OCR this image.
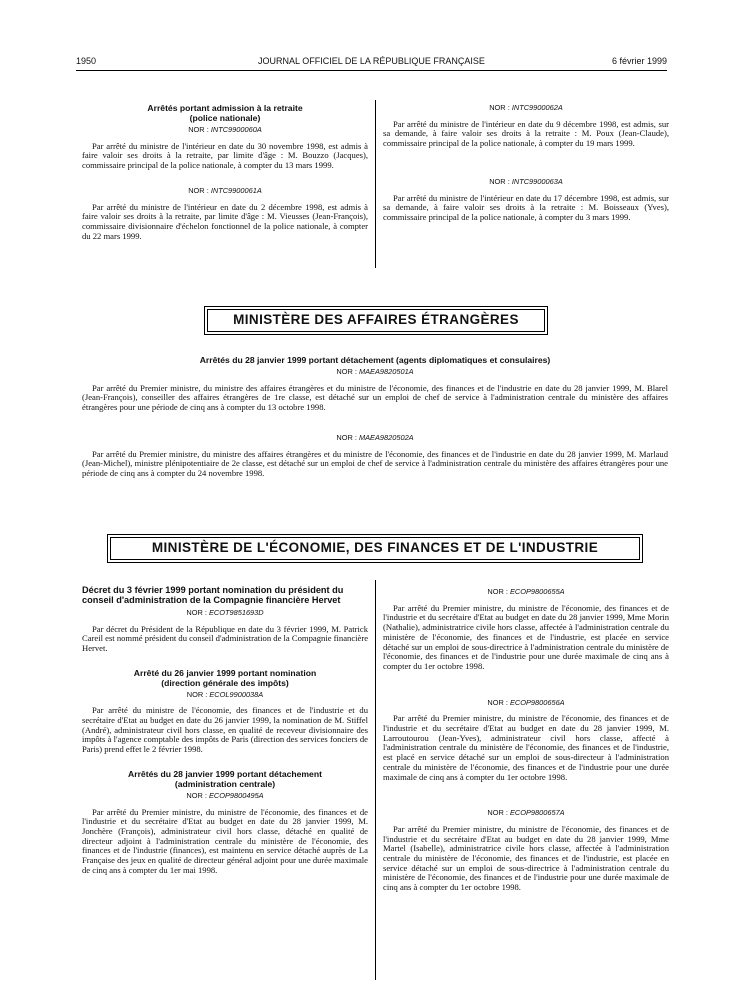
1950	JOURNAL OFFICIEL DE LA RÉPUBLIQUE FRANÇAISE	6 février 1999
Arrêtés portant admission à la retraite
(police nationale)
NOR : INTC9900060A

Par arrêté du ministre de l'intérieur en date du 30 novembre 1998, est admis à faire valoir ses droits à la retraite, par limite d'âge : M. Bouzzo (Jacques), commissaire principal de la police nationale, à compter du 13 mars 1999.

NOR : INTC9900061A

Par arrêté du ministre de l'intérieur en date du 2 décembre 1998, est admis à faire valoir ses droits à la retraite, par limite d'âge : M. Vieusses (Jean-François), commissaire divisionnaire d'échelon fonctionnel de la police nationale, à compter du 22 mars 1999.

NOR : INTC9900062A

Par arrêté du ministre de l'intérieur en date du 9 décembre 1998, est admis, sur sa demande, à faire valoir ses droits à la retraite : M. Poux (Jean-Claude), commissaire principal de la police nationale, à compter du 19 mars 1999.

NOR : INTC9900063A

Par arrêté du ministre de l'intérieur en date du 17 décembre 1998, est admis, sur sa demande, à faire valoir ses droits à la retraite : M. Boisseaux (Yves), commissaire principal de la police nationale, à compter du 3 mars 1999.

MINISTÈRE DES AFFAIRES ÉTRANGÈRES
Arrêtés du 28 janvier 1999 portant détachement (agents diplomatiques et consulaires)
NOR : MAEA9820501A

Par arrêté du Premier ministre, du ministre des affaires étrangères et du ministre de l'économie, des finances et de l'industrie en date du 28 janvier 1999, M. Blarel (Jean-François), conseiller des affaires étrangères de 1re classe, est détaché sur un emploi de chef de service à l'administration centrale du ministère des affaires étrangères pour une période de cinq ans à compter du 13 octobre 1998.

NOR : MAEA9820502A

Par arrêté du Premier ministre, du ministre des affaires étrangères et du ministre de l'économie, des finances et de l'industrie en date du 28 janvier 1999, M. Marlaud (Jean-Michel), ministre plénipotentiaire de 2e classe, est détaché sur un emploi de chef de service à l'administration centrale du ministère des affaires étrangères pour une période de cinq ans à compter du 24 novembre 1998.

MINISTÈRE DE L'ÉCONOMIE, DES FINANCES ET DE L'INDUSTRIE
Décret du 3 février 1999 portant nomination du président du conseil d'administration de la Compagnie financière Hervet
NOR : ECOT9851693D

Par décret du Président de la République en date du 3 février 1999, M. Patrick Careil est nommé président du conseil d'administration de la Compagnie financière Hervet.

Arrêté du 26 janvier 1999 portant nomination
(direction générale des impôts)
NOR : ECOL9900038A

Par arrêté du ministre de l'économie, des finances et de l'industrie et du secrétaire d'Etat au budget en date du 26 janvier 1999, la nomination de M. Stiffel (André), administrateur civil hors classe, en qualité de receveur divisionnaire des impôts à l'agence comptable des impôts de Paris (direction des services fonciers de Paris) prend effet le 2 février 1998.

Arrêtés du 28 janvier 1999 portant détachement
(administration centrale)
NOR : ECOP9800495A

Par arrêté du Premier ministre, du ministre de l'économie, des finances et de l'industrie et du secrétaire d'Etat au budget en date du 28 janvier 1999, M. Jonchère (François), administrateur civil hors classe, détaché en qualité de directeur adjoint à l'administration centrale du ministère de l'économie, des finances et de l'industrie (finances), est maintenu en service détaché auprès de La Française des jeux en qualité de directeur général adjoint pour une durée maximale de cinq ans à compter du 1er mai 1998.

NOR : ECOP9800655A

Par arrêté du Premier ministre, du ministre de l'économie, des finances et de l'industrie et du secrétaire d'Etat au budget en date du 28 janvier 1999, Mme Morin (Nathalie), administratrice civile hors classe, affectée à l'administration centrale du ministère de l'économie, des finances et de l'industrie, est placée en service détaché sur un emploi de sous-directrice à l'administration centrale du ministère de l'économie, des finances et de l'industrie pour une durée maximale de cinq ans à compter du 1er octobre 1998.

NOR : ECOP9800656A

Par arrêté du Premier ministre, du ministre de l'économie, des finances et de l'industrie et du secrétaire d'Etat au budget en date du 28 janvier 1999, M. Larroutourou (Jean-Yves), administrateur civil hors classe, affecté à l'administration centrale du ministère de l'économie, des finances et de l'industrie, est placé en service détaché sur un emploi de sous-directeur à l'administration centrale du ministère de l'économie, des finances et de l'industrie pour une durée maximale de cinq ans à compter du 1er octobre 1998.

NOR : ECOP9800657A

Par arrêté du Premier ministre, du ministre de l'économie, des finances et de l'industrie et du secrétaire d'Etat au budget en date du 28 janvier 1999, Mme Martel (Isabelle), administratrice civile hors classe, affectée à l'administration centrale du ministère de l'économie, des finances et de l'industrie, est placée en service détaché sur un emploi de sous-directrice à l'administration centrale du ministère de l'économie, des finances et de l'industrie pour une durée maximale de cinq ans à compter du 1er octobre 1998.
